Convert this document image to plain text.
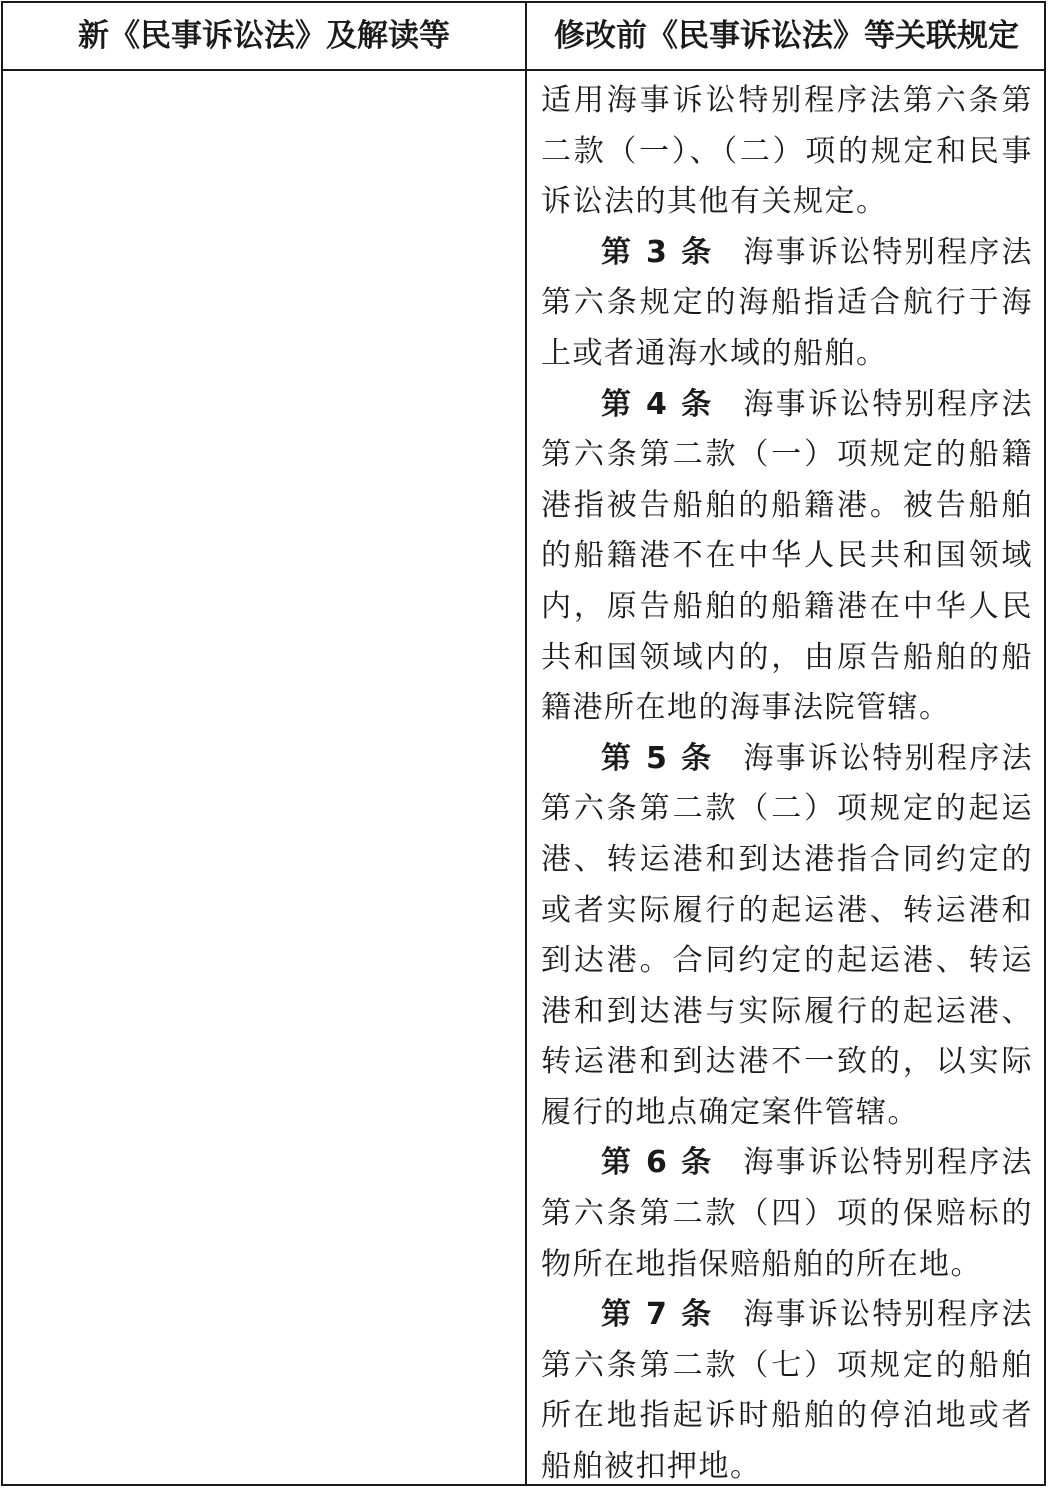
新《民事诉讼法》及解读等	修改前《民事诉讼法》等关联规定

适用海事诉讼特别程序法第六条第二款（一）、（二）项的规定和民事诉讼法的其他有关规定。

第 3 条 海事诉讼特别程序法第六条规定的海船指适合航行于海上或者通海水域的船舶。

第 4 条 海事诉讼特别程序法第六条第二款（一）项规定的船籍港指被告船舶的船籍港。被告船舶的船籍港不在中华人民共和国领域内，原告船舶的船籍港在中华人民共和国领域内的，由原告船舶的船籍港所在地的海事法院管辖。

第 5 条 海事诉讼特别程序法第六条第二款（二）项规定的起运港、转运港和到达港指合同约定的或者实际履行的起运港、转运港和到达港。合同约定的起运港、转运港和到达港与实际履行的起运港、转运港和到达港不一致的，以实际履行的地点确定案件管辖。

第 6 条 海事诉讼特别程序法第六条第二款（四）项的保赔标的物所在地指保赔船舶的所在地。

第 7 条 海事诉讼特别程序法第六条第二款（七）项规定的船舶所在地指起诉时船舶的停泊地或者船舶被扣押地。
